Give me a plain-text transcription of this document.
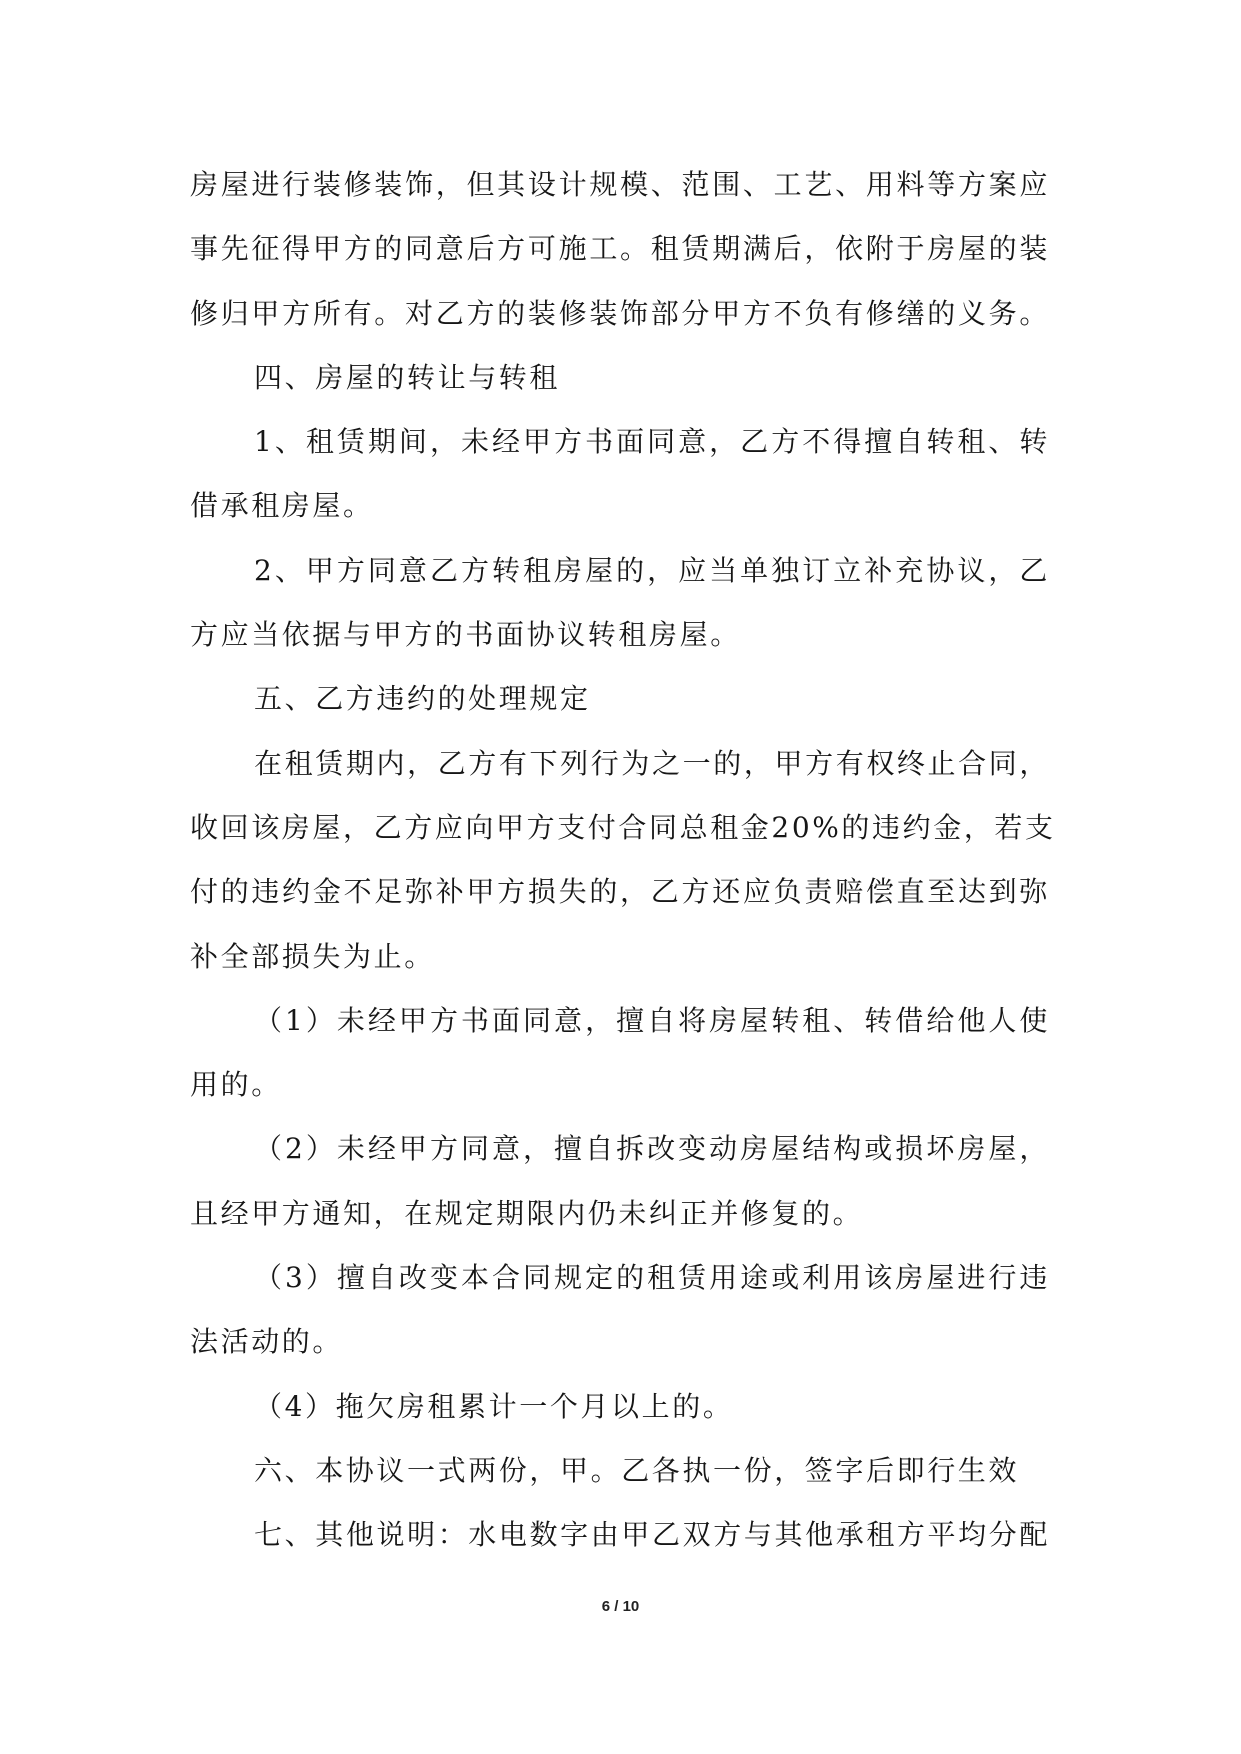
房屋进行装修装饰，但其设计规模、范围、工艺、用料等方案应
事先征得甲方的同意后方可施工。租赁期满后，依附于房屋的装
修归甲方所有。对乙方的装修装饰部分甲方不负有修缮的义务。
四、房屋的转让与转租
1、租赁期间，未经甲方书面同意，乙方不得擅自转租、转
借承租房屋。
2、甲方同意乙方转租房屋的，应当单独订立补充协议，乙
方应当依据与甲方的书面协议转租房屋。
五、乙方违约的处理规定
在租赁期内，乙方有下列行为之一的，甲方有权终止合同，
收回该房屋，乙方应向甲方支付合同总租金20%的违约金，若支
付的违约金不足弥补甲方损失的，乙方还应负责赔偿直至达到弥
补全部损失为止。
（1）未经甲方书面同意，擅自将房屋转租、转借给他人使
用的。
（2）未经甲方同意，擅自拆改变动房屋结构或损坏房屋，
且经甲方通知，在规定期限内仍未纠正并修复的。
（3）擅自改变本合同规定的租赁用途或利用该房屋进行违
法活动的。
（4）拖欠房租累计一个月以上的。
六、本协议一式两份，甲。乙各执一份，签字后即行生效
七、其他说明：水电数字由甲乙双方与其他承租方平均分配
6 / 10
